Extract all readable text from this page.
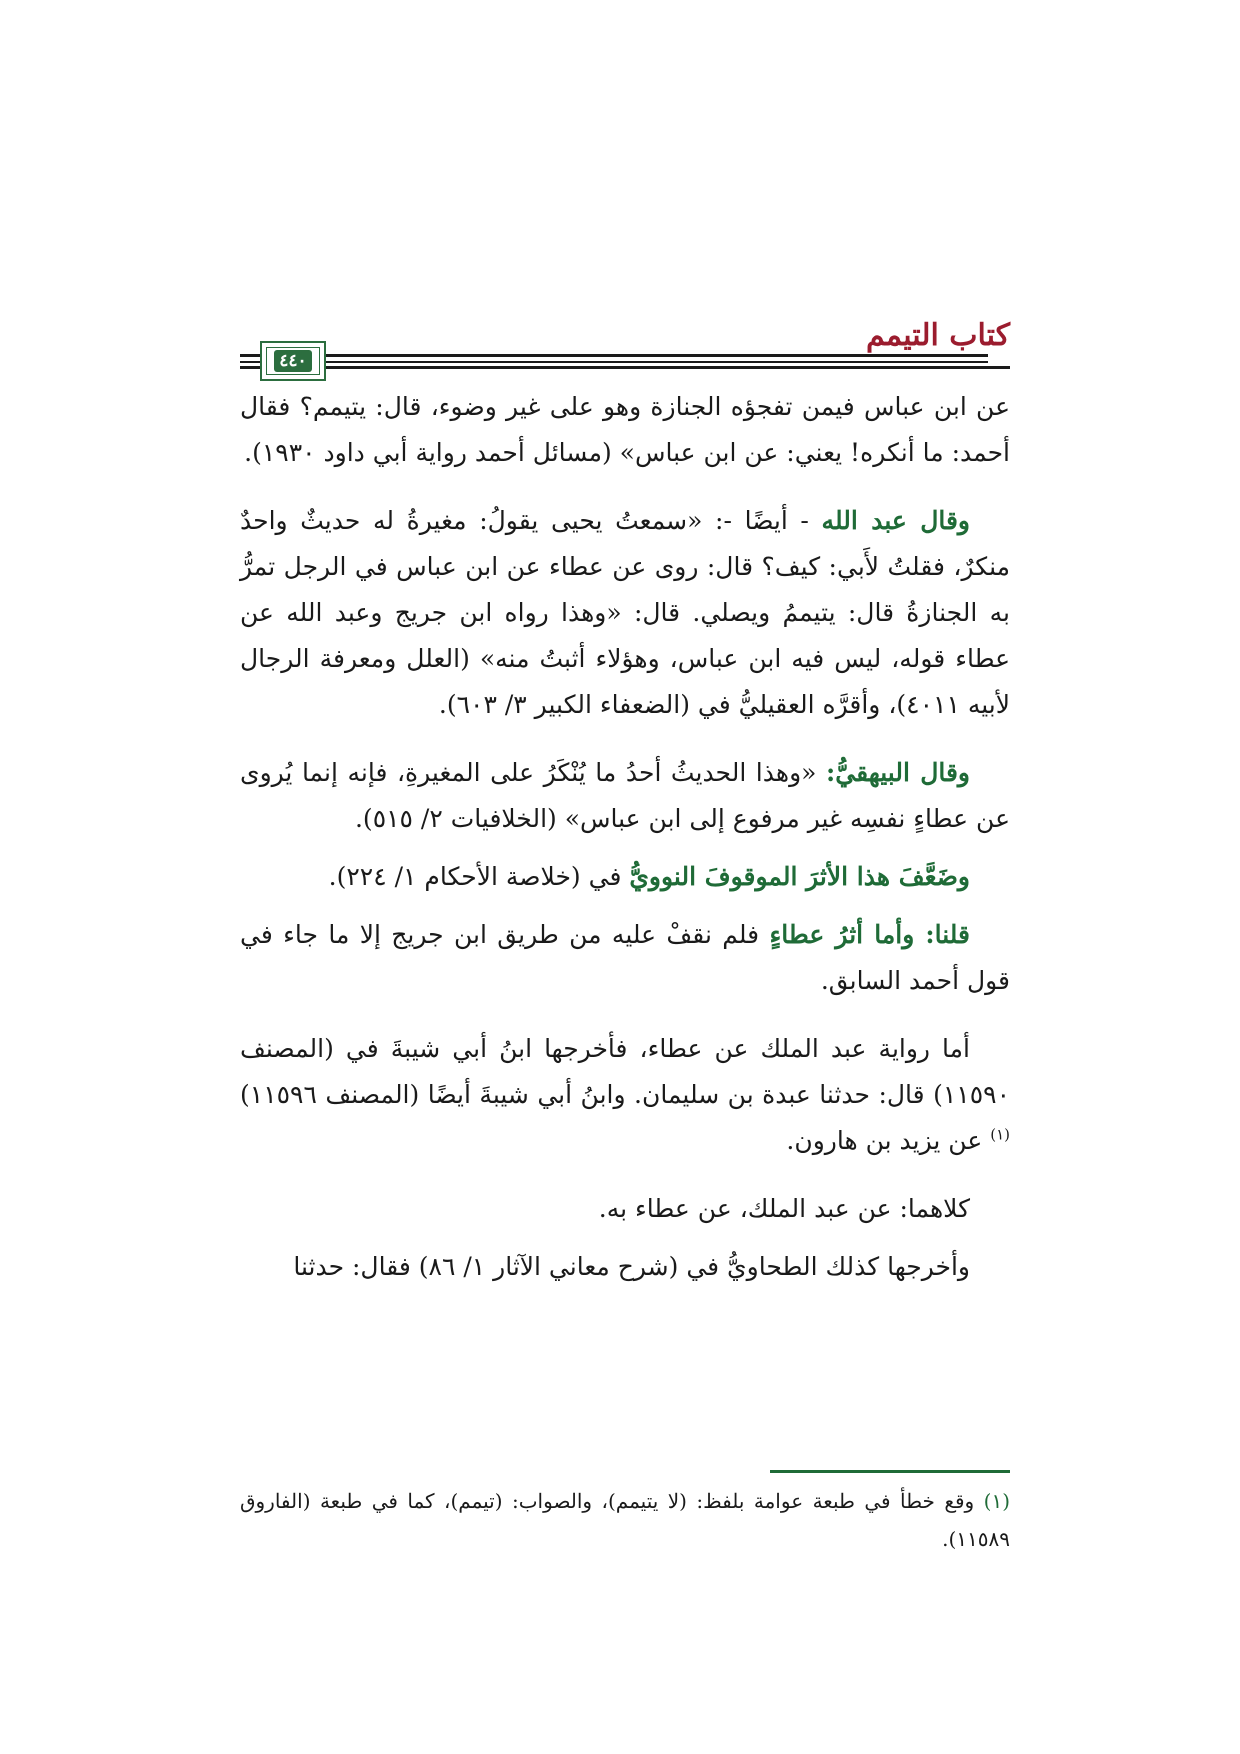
كتاب التيمم
٤٤٠

عن ابن عباس فيمن تفجؤه الجنازة وهو على غير وضوء، قال: يتيمم؟ فقال أحمد: ما أنكره! يعني: عن ابن عباس» (مسائل أحمد رواية أبي داود ١٩٣٠).

وقال عبد الله - أيضًا -: «سمعتُ يحيى يقولُ: مغيرةُ له حديثٌ واحدٌ منكرٌ، فقلتُ لأَبي: كيف؟ قال: روى عن عطاء عن ابن عباس في الرجل تمرُّ به الجنازةُ قال: يتيممُ ويصلي. قال: «وهذا رواه ابن جريج وعبد الله عن عطاء قوله، ليس فيه ابن عباس، وهؤلاء أثبتُ منه» (العلل ومعرفة الرجال لأبيه ٤٠١١)، وأقرَّه العقيليُّ في (الضعفاء الكبير ٣/ ٦٠٣).

وقال البيهقيُّ: «وهذا الحديثُ أحدُ ما يُنْكَرُ على المغيرةِ، فإنه إنما يُروى عن عطاءٍ نفسِه غير مرفوع إلى ابن عباس» (الخلافيات ٢/ ٥١٥).

وضَعَّفَ هذا الأثرَ الموقوفَ النوويُّ في (خلاصة الأحكام ١/ ٢٢٤).

قلنا: وأما أثرُ عطاءٍ فلم نقفْ عليه من طريق ابن جريج إلا ما جاء في قول أحمد السابق.

أما رواية عبد الملك عن عطاء، فأخرجها ابنُ أبي شيبةَ في (المصنف ١١٥٩٠) قال: حدثنا عبدة بن سليمان. وابنُ أبي شيبةَ أيضًا (المصنف ١١٥٩٦)$^{(١)}$ عن يزيد بن هارون.

كلاهما: عن عبد الملك، عن عطاء به.

وأخرجها كذلك الطحاويُّ في (شرح معاني الآثار ١/ ٨٦) فقال: حدثنا

(١) وقع خطأ في طبعة عوامة بلفظ: (لا يتيمم)، والصواب: (تيمم)، كما في طبعة (الفاروق ١١٥٨٩).
